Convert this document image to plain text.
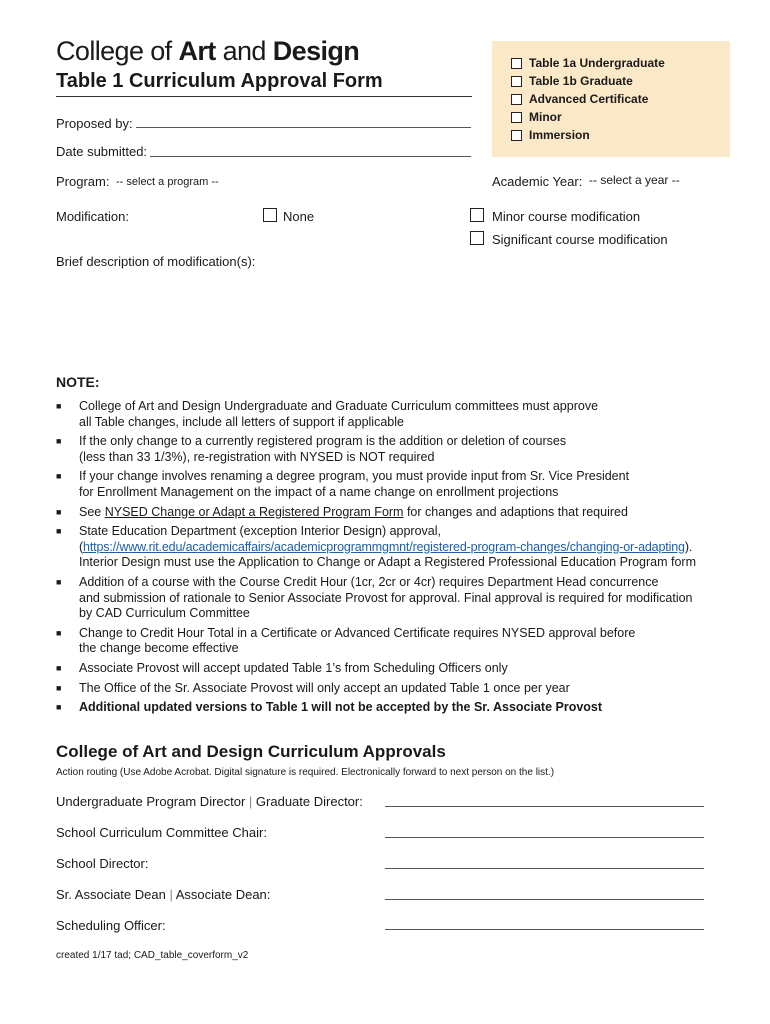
College of Art and Design
Table 1 Curriculum Approval Form
Table 1a Undergraduate
Table 1b Graduate
Advanced Certificate
Minor
Immersion
Proposed by:
Date submitted:
Program: -- select a program --	Academic Year: -- select a year --
Modification:	None	Minor course modification
Significant course modification
Brief description of modification(s):
NOTE:
■ College of Art and Design Undergraduate and Graduate Curriculum committees must approve
all Table changes, include all letters of support if applicable
■ If the only change to a currently registered program is the addition or deletion of courses
(less than 33 1/3%), re-registration with NYSED is NOT required
■ If your change involves renaming a degree program, you must provide input from Sr. Vice President
for Enrollment Management on the impact of a name change on enrollment projections
■ See NYSED Change or Adapt a Registered Program Form for changes and adaptions that required
■ State Education Department (exception Interior Design) approval,
(https://www.rit.edu/academicaffairs/academicprogrammgmnt/registered-program-changes/changing-or-adapting).
Interior Design must use the Application to Change or Adapt a Registered Professional Education Program form
■ Addition of a course with the Course Credit Hour (1cr, 2cr or 4cr) requires Department Head concurrence
and submission of rationale to Senior Associate Provost for approval. Final approval is required for modification
by CAD Curriculum Committee
■ Change to Credit Hour Total in a Certificate or Advanced Certificate requires NYSED approval before
the change become effective
■ Associate Provost will accept updated Table 1’s from Scheduling Officers only
■ The Office of the Sr. Associate Provost will only accept an updated Table 1 once per year
■ Additional updated versions to Table 1 will not be accepted by the Sr. Associate Provost
College of Art and Design Curriculum Approvals
Action routing (Use Adobe Acrobat. Digital signature is required. Electronically forward to next person on the list.)
Undergraduate Program Director | Graduate Director:
School Curriculum Committee Chair:
School Director:
Sr. Associate Dean | Associate Dean:
Scheduling Officer:
created 1/17 tad; CAD_table_coverform_v2
